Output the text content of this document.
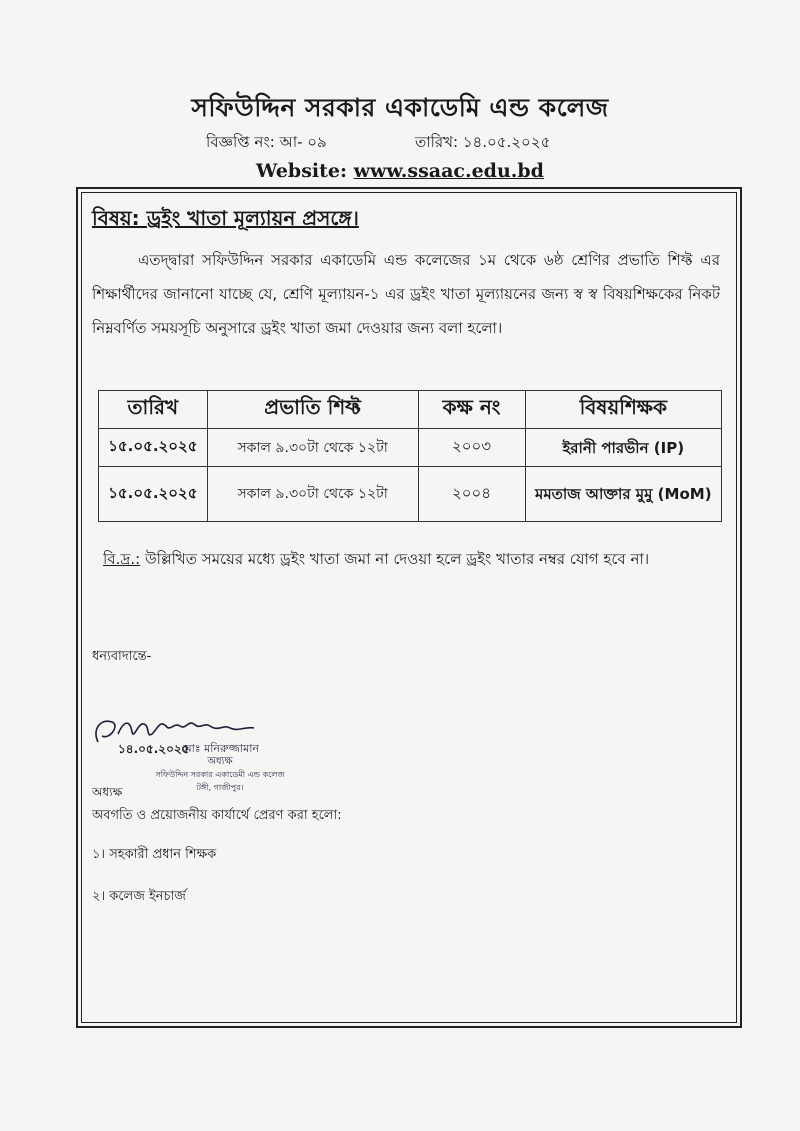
সফিউদ্দিন সরকার একাডেমি এন্ড কলেজ
বিজ্ঞপ্তি নং: আ- ০৯	তারিখ: ১৪.০৫.২০২৫
Website: www.ssaac.edu.bd
বিষয়: ড্রইং খাতা মূল্যায়ন প্রসঙ্গে।

এতদ্দ্বারা সফিউদ্দিন সরকার একাডেমি এন্ড কলেজের ১ম থেকে ৬ষ্ঠ শ্রেণির প্রভাতি শিফ্ট এর শিক্ষার্থীদের জানানো যাচ্ছে যে, শ্রেণি মূল্যায়ন-১ এর ড্রইং খাতা মূল্যায়নের জন্য স্ব স্ব বিষয়শিক্ষকের নিকট নিম্নবর্ণিত সময়সূচি অনুসারে ড্রইং খাতা জমা দেওয়ার জন্য বলা হলো।

তারিখ	প্রভাতি শিফ্ট	কক্ষ নং	বিষয়শিক্ষক
১৫.০৫.২০২৫	সকাল ৯.৩০টা থেকে ১২টা	২০০৩	ইরানী পারভীন (IP)
১৫.০৫.২০২৫	সকাল ৯.৩০টা থেকে ১২টা	২০০৪	মমতাজ আক্তার মুমু (MoM)
বি.দ্র.: উল্লিখিত সময়ের মধ্যে ড্রইং খাতা জমা না দেওয়া হলে ড্রইং খাতার নম্বর যোগ হবে না।
ধন্যবাদান্তে-
১৪.০৫.২০২৫
মোঃ মনিরুজ্জামান
অধ্যক্ষ
সফিউদ্দিন সরকার একাডেমী এন্ড কলেজ
টঙ্গী, গাজীপুর।
অধ্যক্ষ
অবগতি ও প্রয়োজনীয় কার্যার্থে প্রেরণ করা হলো:
১। সহকারী প্রধান শিক্ষক
২। কলেজ ইনচার্জ
